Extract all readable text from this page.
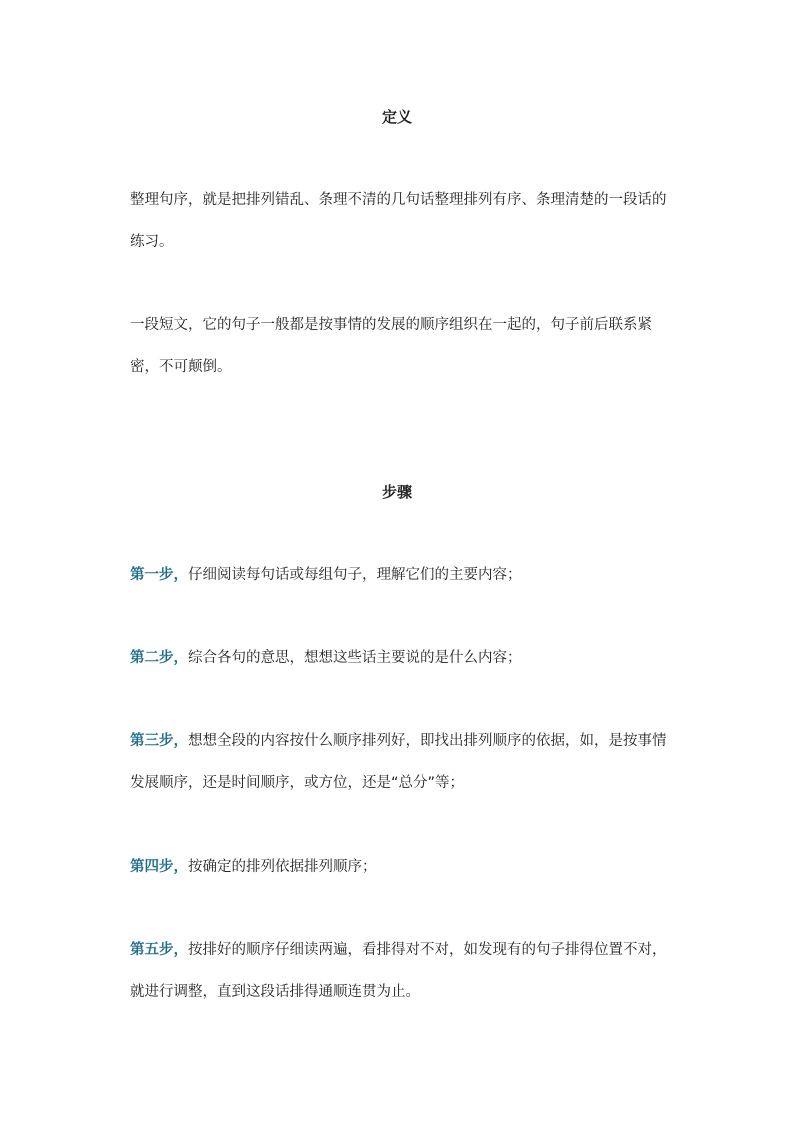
定义

整理句序，就是把排列错乱、条理不清的几句话整理排列有序、条理清楚的一段话的练习。

一段短文，它的句子一般都是按事情的发展的顺序组织在一起的，句子前后联系紧密，不可颠倒。

步骤

第一步，仔细阅读每句话或每组句子，理解它们的主要内容；

第二步，综合各句的意思，想想这些话主要说的是什么内容；

第三步，想想全段的内容按什么顺序排列好，即找出排列顺序的依据，如，是按事情发展顺序，还是时间顺序，或方位，还是“总分”等；

第四步，按确定的排列依据排列顺序；

第五步，按排好的顺序仔细读两遍，看排得对不对，如发现有的句子排得位置不对，就进行调整，直到这段话排得通顺连贯为止。
